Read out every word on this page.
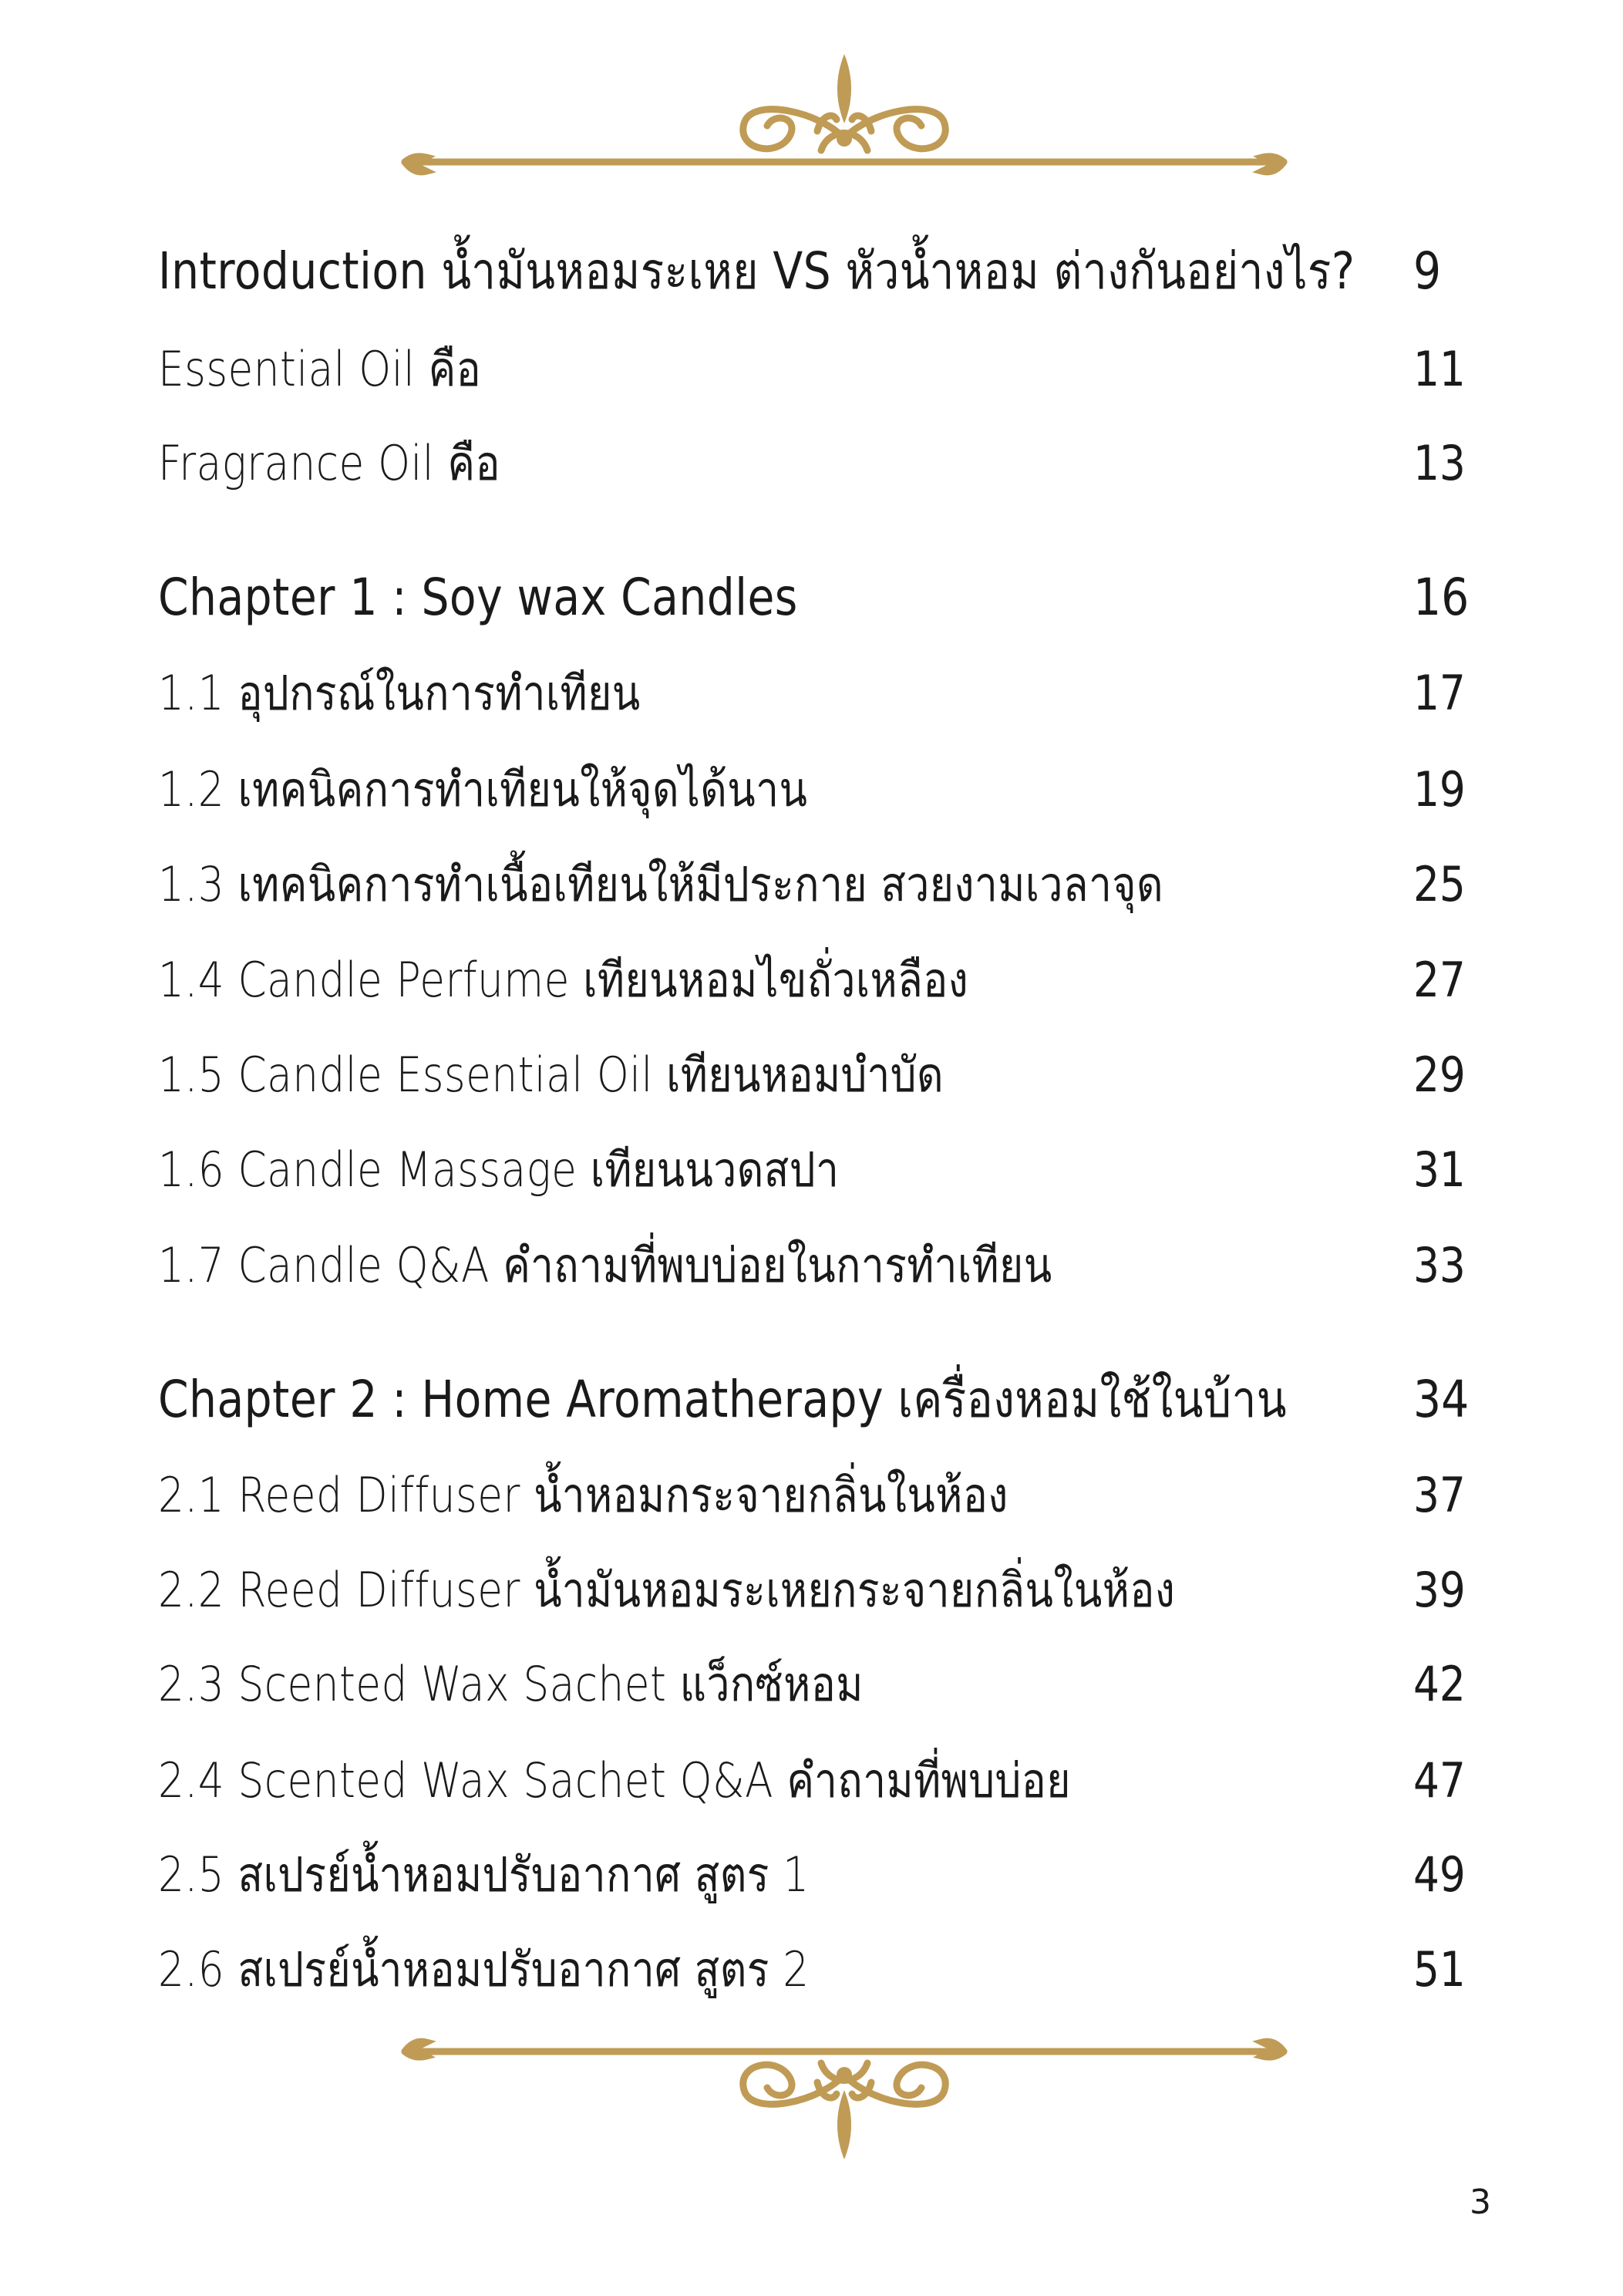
Introduction น้ำมันหอมระเหย VS หัวน้ำหอม ต่างกันอย่างไร? 9
Essential Oil คือ	11
Fragrance Oil คือ	13
Chapter 1 : Soy wax Candles	16
1.1 อุปกรณ์ในการทำเทียน	17
1.2 เทคนิคการทำเทียนให้จุดได้นาน	19
1.3 เทคนิคการทำเนื้อเทียนให้มีประกาย สวยงามเวลาจุด	25
1.4 Candle Perfume เทียนหอมไขถั่วเหลือง	27
1.5 Candle Essential Oil เทียนหอมบำบัด	29
1.6 Candle Massage เทียนนวดสปา	31
1.7 Candle Q&A คำถามที่พบบ่อยในการทำเทียน	33
Chapter 2 : Home Aromatherapy เครื่องหอมใช้ในบ้าน 34
2.1 Reed Diffuser น้ำหอมกระจายกลิ่นในห้อง	37
2.2 Reed Diffuser น้ำมันหอมระเหยกระจายกลิ่นในห้อง	39
2.3 Scented Wax Sachet แว็กซ์หอม	42
2.4 Scented Wax Sachet Q&A คำถามที่พบบ่อย	47
2.5 สเปรย์น้ำหอมปรับอากาศ สูตร 1	49
2.6 สเปรย์น้ำหอมปรับอากาศ สูตร 2	51
3
